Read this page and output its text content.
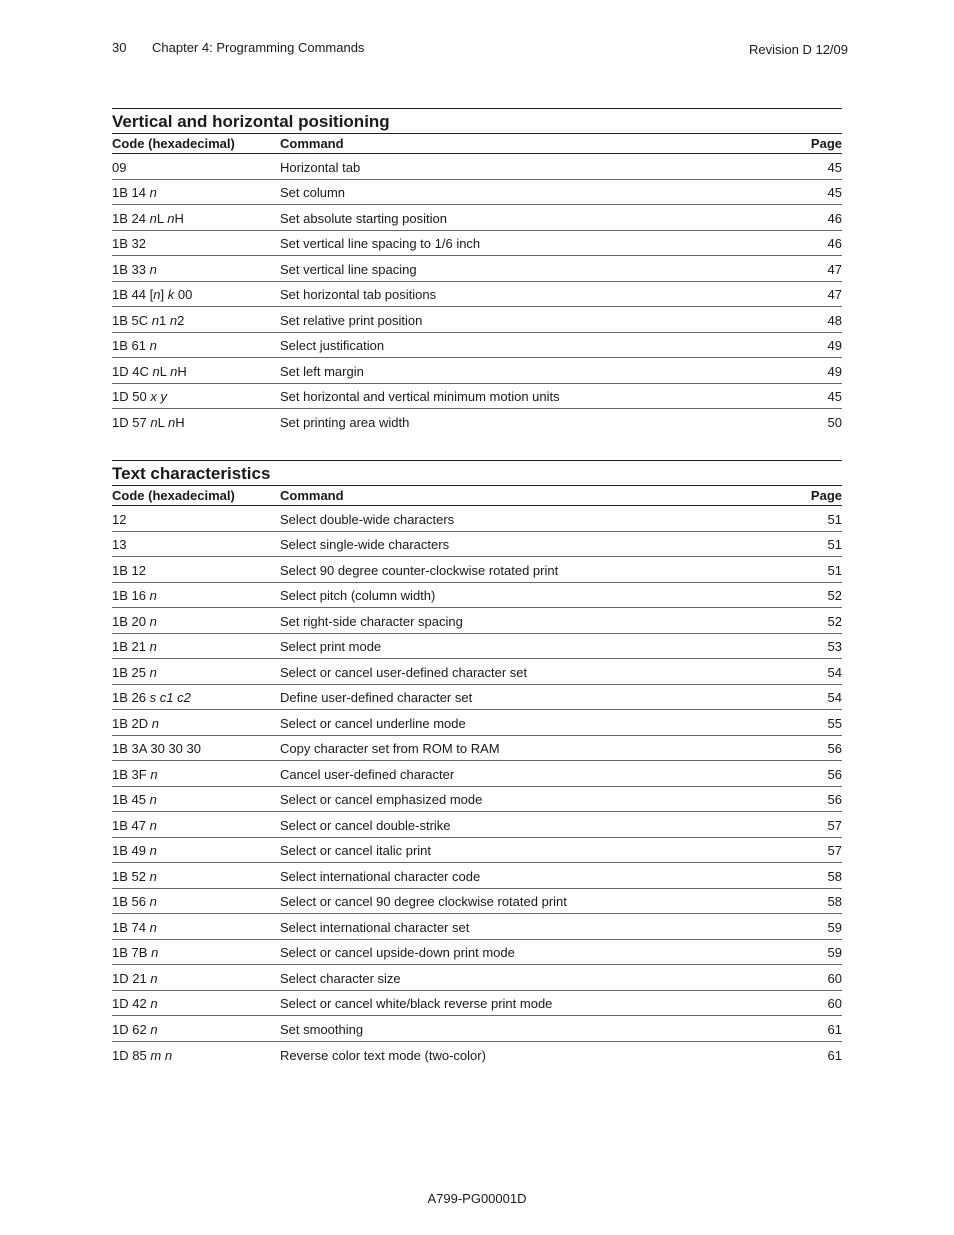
30 Chapter 4: Programming Commands	Revision D 12/09
Vertical and horizontal positioning
Code (hexadecimal)	Command	Page
09	Horizontal tab	45
1B 14 n	Set column	45
1B 24 nL nH	Set absolute starting position	46
1B 32	Set vertical line spacing to 1/6 inch	46
1B 33 n	Set vertical line spacing	47
1B 44 [n] k 00	Set horizontal tab positions	47
1B 5C n1 n2	Set relative print position	48
1B 61 n	Select justification	49
1D 4C nL nH	Set left margin	49
1D 50 x y	Set horizontal and vertical minimum motion units	45
1D 57 nL nH	Set printing area width	50
Text characteristics
Code (hexadecimal)	Command	Page
12	Select double-wide characters	51
13	Select single-wide characters	51
1B 12	Select 90 degree counter-clockwise rotated print	51
1B 16 n	Select pitch (column width)	52
1B 20 n	Set right-side character spacing	52
1B 21 n	Select print mode	53
1B 25 n	Select or cancel user-defined character set	54
1B 26 s c1 c2	Define user-defined character set	54
1B 2D n	Select or cancel underline mode	55
1B 3A 30 30 30	Copy character set from ROM to RAM	56
1B 3F n	Cancel user-defined character	56
1B 45 n	Select or cancel emphasized mode	56
1B 47 n	Select or cancel double-strike	57
1B 49 n	Select or cancel italic print	57
1B 52 n	Select international character code	58
1B 56 n	Select or cancel 90 degree clockwise rotated print	58
1B 74 n	Select international character set	59
1B 7B n	Select or cancel upside-down print mode	59
1D 21 n	Select character size	60
1D 42 n	Select or cancel white/black reverse print mode	60
1D 62 n	Set smoothing	61
1D 85 m n	Reverse color text mode (two-color)	61
A799-PG00001D
